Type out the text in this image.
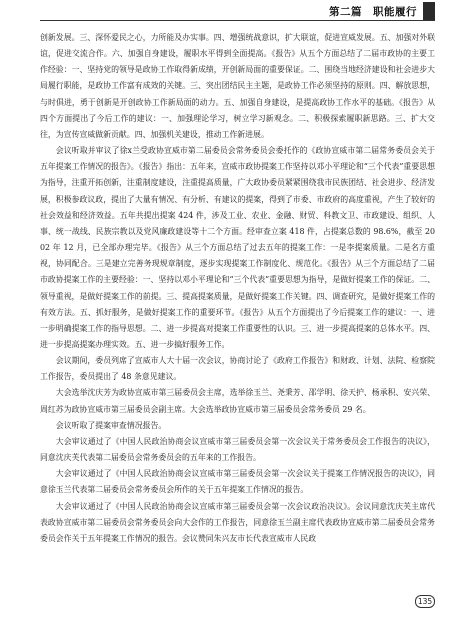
第二篇　职能履行

创新发展。三、深怀爱民之心，力所能及办实事。四、增强统战意识，扩大联谊，促进宣威发展。五、加强对外联谊，促进交流合作。六、加强自身建设，履职水平得到全面提高。《报告》从五个方面总结了二届市政协的主要工作经验：一、坚持党的领导是政协工作取得新成绩，开创新局面的重要保证。二、围绕当地经济建设和社会进步大局履行职能，是政协工作富有成效的关键。三、突出团结民主主题，是政协工作必须坚持的原则。四、解放思想，与时俱进，勇于创新是开创政协工作新局面的动力。五、加强自身建设，是提高政协工作水平的基础。《报告》从四个方面提出了今后工作的建议：一、加强理论学习，树立学习新观念。二、积极探索履职新思路。三、扩大交往，为宣传宣威做新贡献。四、加强机关建设，推动工作新进展。

会议听取并审议了徐ⅹ兰受政协宣威市第二届委员会常务委员会委托作的《政协宣威市第二届常务委员会关于五年提案工作情况的报告》。《报告》指出：五年来，宣威市政协提案工作坚持以邓小平理论和“三个代表”重要思想为指导，注重开拓创新，注重制度建设，注重提高质量，广大政协委员紧紧围绕我市民族团结、社会进步、经济发展，积极参政议政，提出了大量有情况、有分析、有建议的提案，得到了市委、市政府的高度重视，产生了较好的社会效益和经济效益。五年共提出提案 424 件，涉及工业、农业、金融、财贸、科教文卫、市政建设、组织、人事、统一战线、民族宗教以及党风廉政建设等十二个方面。经审查立案 418 件，占提案总数的 98.6%，截至 2002 年 12 月，已全部办理完毕。《报告》从三个方面总结了过去五年的提案工作：一是李提案质量。二是名方重视，协同配合。三是建立完善务现规章制度，逐步实现提案工作制度化、规范化。《报告》从三个方面总结了二届市政协提案工作的主要经验：一、坚持以邓小平理论和“三个代表”重要思想为指导，是做好提案工作的保证。二、领导重视，是做好提案工作的前提。三、提高提案质量，是做好提案工作关键。四、调查研究，是做好提案工作的有效方法。五、抓好服务，是做好提案工作的重要环节。《报告》从五个方面提出了今后提案工作的建议：一、进一步明确提案工作的指导思想。二、进一步提高对提案工作重要性的认识。三、进一步提高提案的总体水平。四、进一步提高提案办理实效。五、进一步搞好服务工作。

会议期间，委员列席了宣威市人大十届一次会议，协商讨论了《政府工作报告》和财政、计划、法院、检察院工作报告，委员提出了 48 条意见建议。

大会选举沈庆芳为政协宣威市第三届委员会主席，选举徐玉兰、尧秉芳、邵学明、徐天护、杨承积、安兴荣、周红苏为政协宣威市第三届委员会副主席。大会选举政协宣威市第三届委员会常务委员 29 名。

会议听取了提案审查情况报告。

大会审议通过了《中国人民政治协商会议宣威市第三届委员会第一次会议关于常务委员会工作报告的决议》，同意沈庆芙代表第二届委员会常务委员会的五年来的工作报告。

大会审议通过了《中国人民政治协商会议宣威市第三届委员会第一次会议关于提案工作情况报告的决议》，同意徐玉兰代表第二届委员会常务委员会所作的关于五年提案工作情况的报告。

大会审议通过了《中国人民政治协商会议宣威市第三届委员会第一次会议政治决议》。会议同意沈庆芙主席代表政协宣威市第二届委员会常务委员会向大会作的工作报告，同意徐玉兰副主席代表政协宣威市第二届委员会常务委员会作关于五年提案工作情况的报告。会议赞同朱兴友市长代表宣威市人民政

135
